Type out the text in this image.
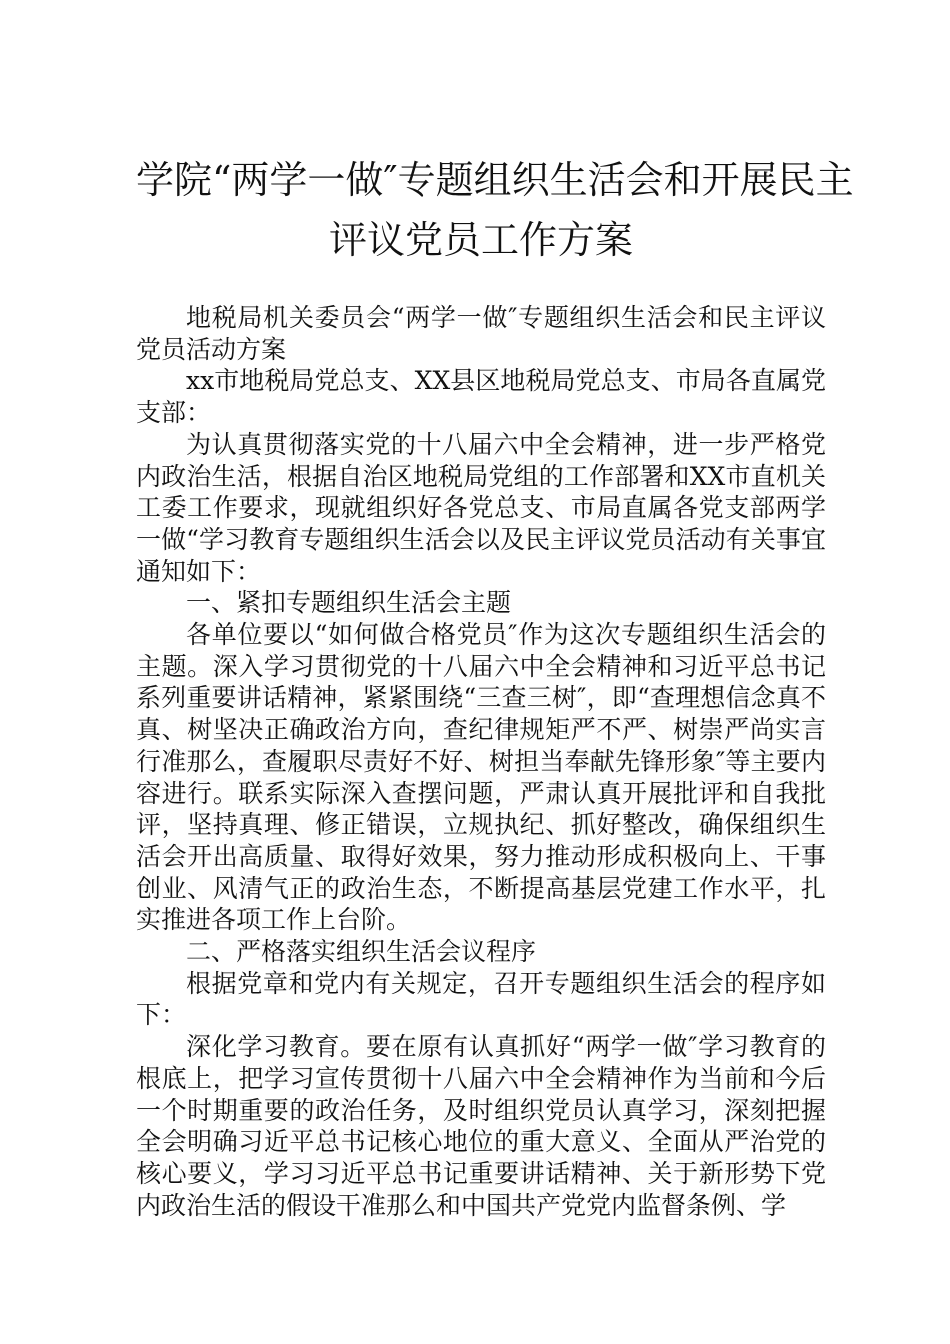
学院“两学一做″专题组织生活会和开展民主
评议党员工作方案

地税局机关委员会“两学一做″专题组织生活会和民主评议党员活动方案

xx市地税局党总支、XX县区地税局党总支、市局各直属党支部：

为认真贯彻落实党的十八届六中全会精神，进一步严格党内政治生活，根据自治区地税局党组的工作部署和XX市直机关工委工作要求，现就组织好各党总支、市局直属各党支部两学一做“学习教育专题组织生活会以及民主评议党员活动有关事宜通知如下：

一、紧扣专题组织生活会主题

各单位要以“如何做合格党员″作为这次专题组织生活会的主题。深入学习贯彻党的十八届六中全会精神和习近平总书记系列重要讲话精神，紧紧围绕“三查三树″，即“查理想信念真不真、树坚决正确政治方向，查纪律规矩严不严、树崇严尚实言行准那么，查履职尽责好不好、树担当奉献先锋形象″等主要内容进行。联系实际深入查摆问题，严肃认真开展批评和自我批评，坚持真理、修正错误，立规执纪、抓好整改，确保组织生活会开出高质量、取得好效果，努力推动形成积极向上、干事创业、风清气正的政治生态，不断提高基层党建工作水平，扎实推进各项工作上台阶。

二、严格落实组织生活会议程序

根据党章和党内有关规定，召开专题组织生活会的程序如下：

深化学习教育。要在原有认真抓好“两学一做″学习教育的根底上，把学习宣传贯彻十八届六中全会精神作为当前和今后一个时期重要的政治任务，及时组织党员认真学习，深刻把握全会明确习近平总书记核心地位的重大意义、全面从严治党的核心要义，学习习近平总书记重要讲话精神、关于新形势下党内政治生活的假设干准那么和中国共产党党内监督条例、学
